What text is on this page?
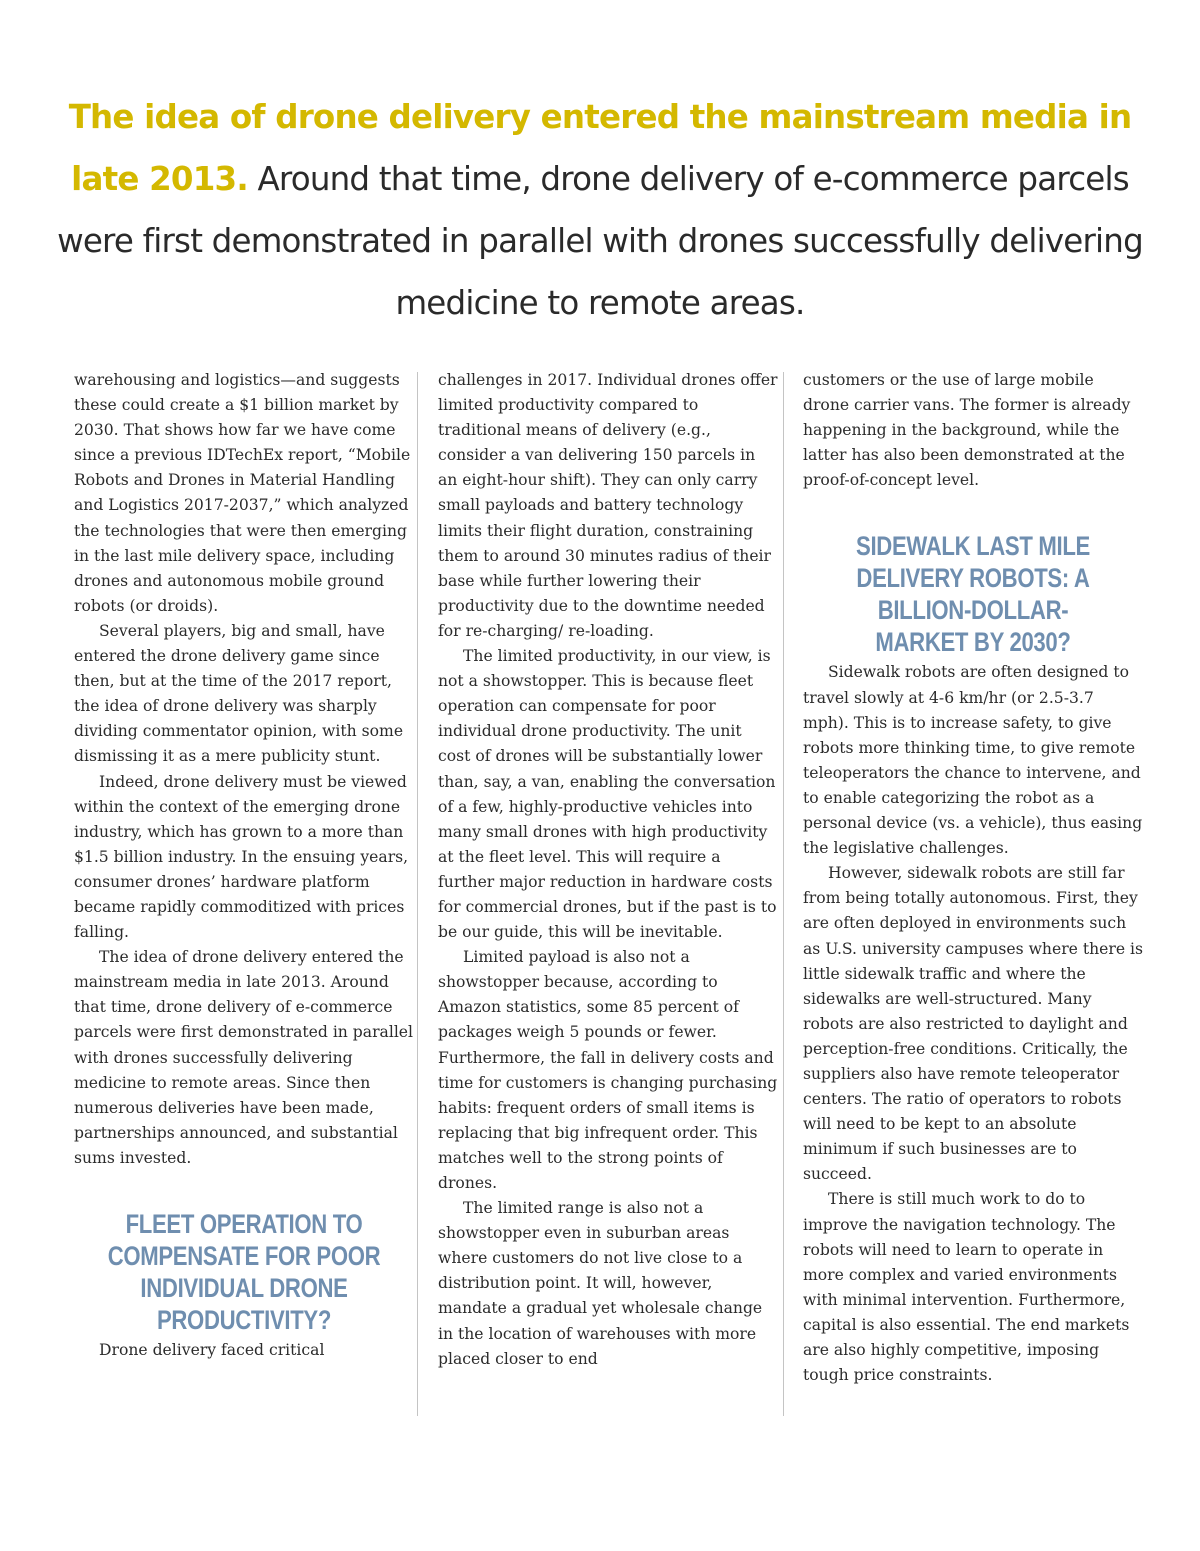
The idea of drone delivery entered the mainstream media in late 2013. Around that time, drone delivery of e-commerce parcels were first demonstrated in parallel with drones successfully delivering medicine to remote areas.

warehousing and logistics—and suggests these could create a $1 billion market by 2030. That shows how far we have come since a previous IDTechEx report, “Mobile Robots and Drones in Material Handling and Logistics 2017-2037,” which analyzed the technologies that were then emerging in the last mile delivery space, including drones and autonomous mobile ground robots (or droids).

Several players, big and small, have entered the drone delivery game since then, but at the time of the 2017 report, the idea of drone delivery was sharply dividing commentator opinion, with some dismissing it as a mere publicity stunt.

Indeed, drone delivery must be viewed within the context of the emerging drone industry, which has grown to a more than $1.5 billion industry. In the ensuing years, consumer drones’ hardware platform became rapidly commoditized with prices falling.

The idea of drone delivery entered the mainstream media in late 2013. Around that time, drone delivery of e-commerce parcels were first demonstrated in parallel with drones successfully delivering medicine to remote areas. Since then numerous deliveries have been made, partnerships announced, and substantial sums invested.

FLEET OPERATION TO COMPENSATE FOR POOR INDIVIDUAL DRONE PRODUCTIVITY?

Drone delivery faced critical

challenges in 2017. Individual drones offer limited productivity compared to traditional means of delivery (e.g., consider a van delivering 150 parcels in an eight-hour shift). They can only carry small payloads and battery technology limits their flight duration, constraining them to around 30 minutes radius of their base while further lowering their productivity due to the downtime needed for re-charging/ re-loading.

The limited productivity, in our view, is not a showstopper. This is because fleet operation can compensate for poor individual drone productivity. The unit cost of drones will be substantially lower than, say, a van, enabling the conversation of a few, highly-productive vehicles into many small drones with high productivity at the fleet level. This will require a further major reduction in hardware costs for commercial drones, but if the past is to be our guide, this will be inevitable.

Limited payload is also not a showstopper because, according to Amazon statistics, some 85 percent of packages weigh 5 pounds or fewer. Furthermore, the fall in delivery costs and time for customers is changing purchasing habits: frequent orders of small items is replacing that big infrequent order. This matches well to the strong points of drones.

The limited range is also not a showstopper even in suburban areas where customers do not live close to a distribution point. It will, however, mandate a gradual yet wholesale change in the location of warehouses with more placed closer to end

customers or the use of large mobile drone carrier vans. The former is already happening in the background, while the latter has also been demonstrated at the proof-of-concept level.

SIDEWALK LAST MILE DELIVERY ROBOTS: A BILLION-DOLLAR-MARKET BY 2030?

Sidewalk robots are often designed to travel slowly at 4-6 km/hr (or 2.5-3.7 mph). This is to increase safety, to give robots more thinking time, to give remote teleoperators the chance to intervene, and to enable categorizing the robot as a personal device (vs. a vehicle), thus easing the legislative challenges.

However, sidewalk robots are still far from being totally autonomous. First, they are often deployed in environments such as U.S. university campuses where there is little sidewalk traffic and where the sidewalks are well-structured. Many robots are also restricted to daylight and perception-free conditions. Critically, the suppliers also have remote teleoperator centers. The ratio of operators to robots will need to be kept to an absolute minimum if such businesses are to succeed.

There is still much work to do to improve the navigation technology. The robots will need to learn to operate in more complex and varied environments with minimal intervention. Furthermore, capital is also essential. The end markets are also highly competitive, imposing tough price constraints.
